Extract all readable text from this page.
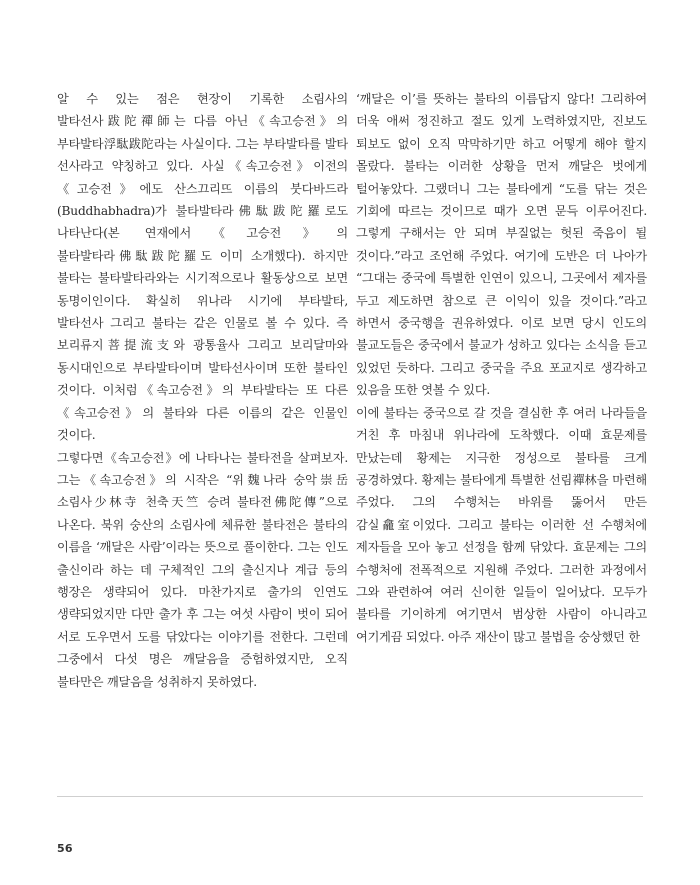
알 수 있는 점은 현장이 기록한 소림사의 발타선사跋陀禪師는 다름 아닌《속고승전》의 부타발타浮駄跋陀라는 사실이다. 그는 부타발타를 발타 선사라고 약칭하고 있다. 사실《속고승전》이전의《고승전》에도 산스끄리뜨 이름의 붓다바드라(Buddhabhadra)가 불타발타라佛駄跋陀羅로도 나타난다(본 연재에서《고승전》의 불타발타라佛駄跋陀羅도 이미 소개했다). 하지만 불타는 불타발타라와는 시기적으로나 활동상으로 보면 동명이인이다. 확실히 위나라 시기에 부타발타, 발타선사 그리고 불타는 같은 인물로 볼 수 있다. 즉 보리류지菩提流支와 광통율사 그리고 보리달마와 동시대인으로 부타발타이며 발타선사이며 또한 불타인 것이다. 이처럼《속고승전》의 부타발타는 또 다른《속고승전》의 불타와 다른 이름의 같은 인물인 것이다.

그렇다면《속고승전》에 나타나는 불타전을 살펴보자. 그는《속고승전》의 시작은 “위魏나라 숭악崇岳 소림사少林寺 천축天竺 승려 불타전佛陀傳”으로 나온다. 북위 숭산의 소림사에 체류한 불타전은 불타의 이름을 ‘깨달은 사람’이라는 뜻으로 풀이한다. 그는 인도 출신이라 하는 데 구체적인 그의 출신지나 계급 등의 행장은 생략되어 있다. 마찬가지로 출가의 인연도 생략되었지만 다만 출가 후 그는 여섯 사람이 벗이 되어 서로 도우면서 도를 닦았다는 이야기를 전한다. 그런데 그중에서 다섯 명은 깨달음을 증험하였지만, 오직 불타만은 깨달음을 성취하지 못하였다.

‘깨달은 이’를 뜻하는 불타의 이름답지 않다! 그리하여 더욱 애써 정진하고 절도 있게 노력하였지만, 진보도 퇴보도 없이 오직 막막하기만 하고 어떻게 해야 할지 몰랐다. 불타는 이러한 상황을 먼저 깨달은 벗에게 털어놓았다. 그랬더니 그는 불타에게 “도를 닦는 것은 기회에 따르는 것이므로 때가 오면 문득 이루어진다. 그렇게 구해서는 안 되며 부질없는 헛된 죽음이 될 것이다.”라고 조언해 주었다. 여기에 도반은 더 나아가 “그대는 중국에 특별한 인연이 있으니, 그곳에서 제자를 두고 제도하면 참으로 큰 이익이 있을 것이다.”라고 하면서 중국행을 권유하였다. 이로 보면 당시 인도의 불교도들은 중국에서 불교가 성하고 있다는 소식을 듣고 있었던 듯하다. 그리고 중국을 주요 포교지로 생각하고 있음을 또한 엿볼 수 있다.

이에 불타는 중국으로 갈 것을 결심한 후 여러 나라들을 거친 후 마침내 위나라에 도착했다. 이때 효문제를 만났는데 황제는 지극한 정성으로 불타를 크게 공경하였다. 황제는 불타에게 특별한 선림禪林을 마련해 주었다. 그의 수행처는 바위를 뚫어서 만든 감실龕室이었다. 그리고 불타는 이러한 선 수행처에 제자들을 모아 놓고 선정을 함께 닦았다. 효문제는 그의 수행처에 전폭적으로 지원해 주었다. 그러한 과정에서 그와 관련하여 여러 신이한 일들이 일어났다. 모두가 불타를 기이하게 여기면서 범상한 사람이 아니라고 여기게끔 되었다. 아주 재산이 많고 불법을 숭상했던 한

56
